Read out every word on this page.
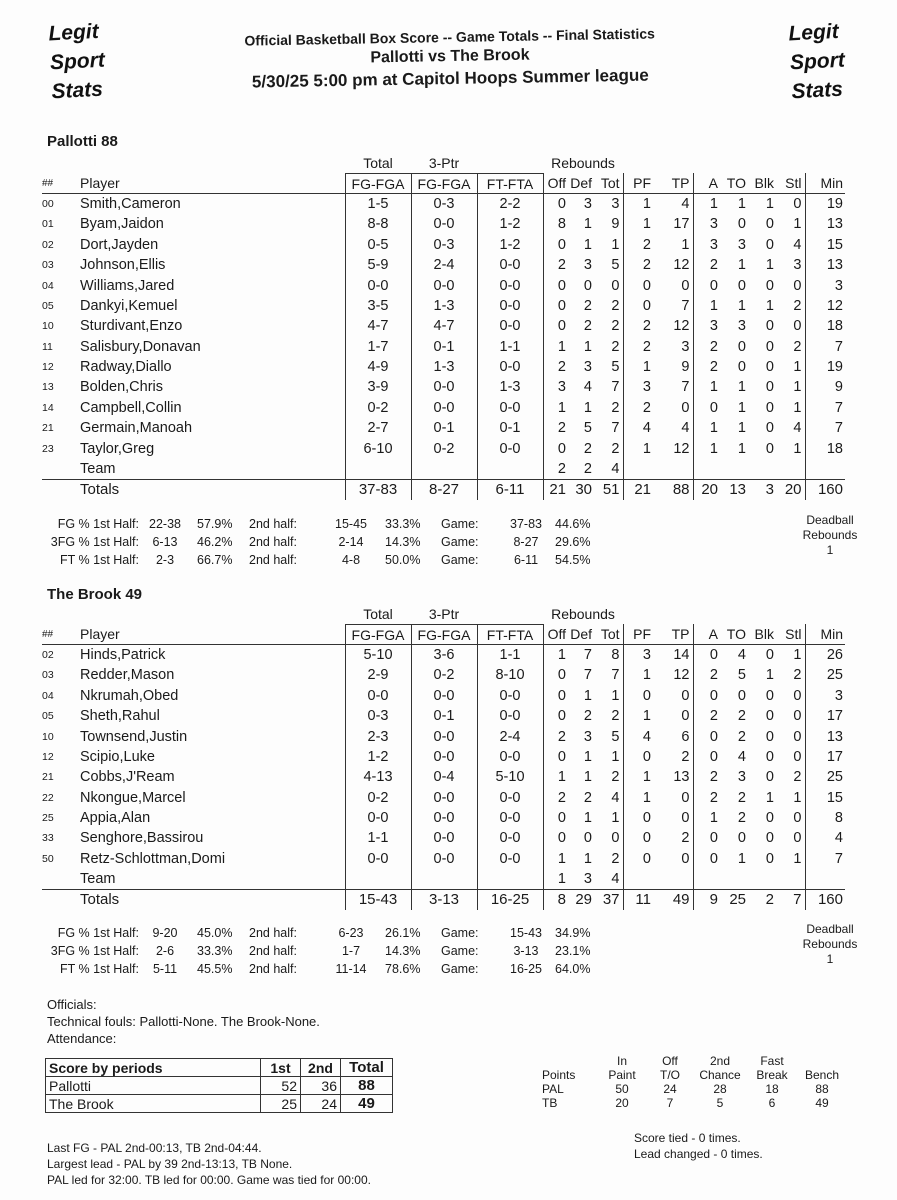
Legit
Sport
Stats
Legit
Sport
Stats
Official Basketball Box Score -- Game Totals -- Final Statistics
Pallotti vs The Brook
5/30/25 5:00 pm at Capitol Hoops Summer league
Pallotti 88
		Total	3-Ptr		Rebounds									
##	Player	FG-FGA	FG-FGA	FT-FTA	Off	Def	Tot	PF	TP	A	TO	Blk	Stl	Min
00	Smith,Cameron	1-5	0-3	2-2	0	3	3	1	4	1	1	1	0	19
01	Byam,Jaidon	8-8	0-0	1-2	8	1	9	1	17	3	0	0	1	13
02	Dort,Jayden	0-5	0-3	1-2	0	1	1	2	1	3	3	0	4	15
03	Johnson,Ellis	5-9	2-4	0-0	2	3	5	2	12	2	1	1	3	13
04	Williams,Jared	0-0	0-0	0-0	0	0	0	0	0	0	0	0	0	3
05	Dankyi,Kemuel	3-5	1-3	0-0	0	2	2	0	7	1	1	1	2	12
10	Sturdivant,Enzo	4-7	4-7	0-0	0	2	2	2	12	3	3	0	0	18
11	Salisbury,Donavan	1-7	0-1	1-1	1	1	2	2	3	2	0	0	2	7
12	Radway,Diallo	4-9	1-3	0-0	2	3	5	1	9	2	0	0	1	19
13	Bolden,Chris	3-9	0-0	1-3	3	4	7	3	7	1	1	0	1	9
14	Campbell,Collin	0-2	0-0	0-0	1	1	2	2	0	0	1	0	1	7
21	Germain,Manoah	2-7	0-1	0-1	2	5	7	4	4	1	1	0	4	7
23	Taylor,Greg	6-10	0-2	0-0	0	2	2	1	12	1	1	0	1	18
	Team				2	2	4							
	Totals	37-83	8-27	6-11	21	30	51	21	88	20	13	3	20	160
FG % 1st Half: 22-38 57.9% 2nd half:	15-45 33.3% Game:	37-83 44.6%
3FG % 1st Half: 6-13 46.2% 2nd half:	2-14 14.3% Game:	8-27 29.6%
FT % 1st Half: 2-3 66.7% 2nd half:	4-8 50.0% Game:	6-11 54.5%
Deadball
Rebounds
1
The Brook 49
		Total	3-Ptr		Rebounds									
##	Player	FG-FGA	FG-FGA	FT-FTA	Off	Def	Tot	PF	TP	A	TO	Blk	Stl	Min
02	Hinds,Patrick	5-10	3-6	1-1	1	7	8	3	14	0	4	0	1	26
03	Redder,Mason	2-9	0-2	8-10	0	7	7	1	12	2	5	1	2	25
04	Nkrumah,Obed	0-0	0-0	0-0	0	1	1	0	0	0	0	0	0	3
05	Sheth,Rahul	0-3	0-1	0-0	0	2	2	1	0	2	2	0	0	17
10	Townsend,Justin	2-3	0-0	2-4	2	3	5	4	6	0	2	0	0	13
12	Scipio,Luke	1-2	0-0	0-0	0	1	1	0	2	0	4	0	0	17
21	Cobbs,J'Ream	4-13	0-4	5-10	1	1	2	1	13	2	3	0	2	25
22	Nkongue,Marcel	0-2	0-0	0-0	2	2	4	1	0	2	2	1	1	15
25	Appia,Alan	0-0	0-0	0-0	0	1	1	0	0	1	2	0	0	8
33	Senghore,Bassirou	1-1	0-0	0-0	0	0	0	0	2	0	0	0	0	4
50	Retz-Schlottman,Domi	0-0	0-0	0-0	1	1	2	0	0	0	1	0	1	7
	Team				1	3	4							
	Totals	15-43	3-13	16-25	8	29	37	11	49	9	25	2	7	160
FG % 1st Half: 9-20 45.0% 2nd half:	6-23 26.1% Game:	15-43 34.9%
3FG % 1st Half: 2-6 33.3% 2nd half:	1-7 14.3% Game:	3-13 23.1%
FT % 1st Half: 5-11 45.5% 2nd half:	11-14 78.6% Game:	16-25 64.0%
Deadball
Rebounds
1
Officials:
Technical fouls: Pallotti-None. The Brook-None.
Attendance:
Score by periods	1st	2nd	Total
Pallotti	52	36	88
The Brook	25	24	49
	In	Off	2nd	Fast	
Points	Paint	T/O	Chance	Break	Bench
PAL	50	24	28	18	88
TB	20	7	5	6	49
Score tied - 0 times.
Lead changed - 0 times.
Last FG - PAL 2nd-00:13, TB 2nd-04:44.
Largest lead - PAL by 39 2nd-13:13, TB None.
PAL led for 32:00. TB led for 00:00. Game was tied for 00:00.
